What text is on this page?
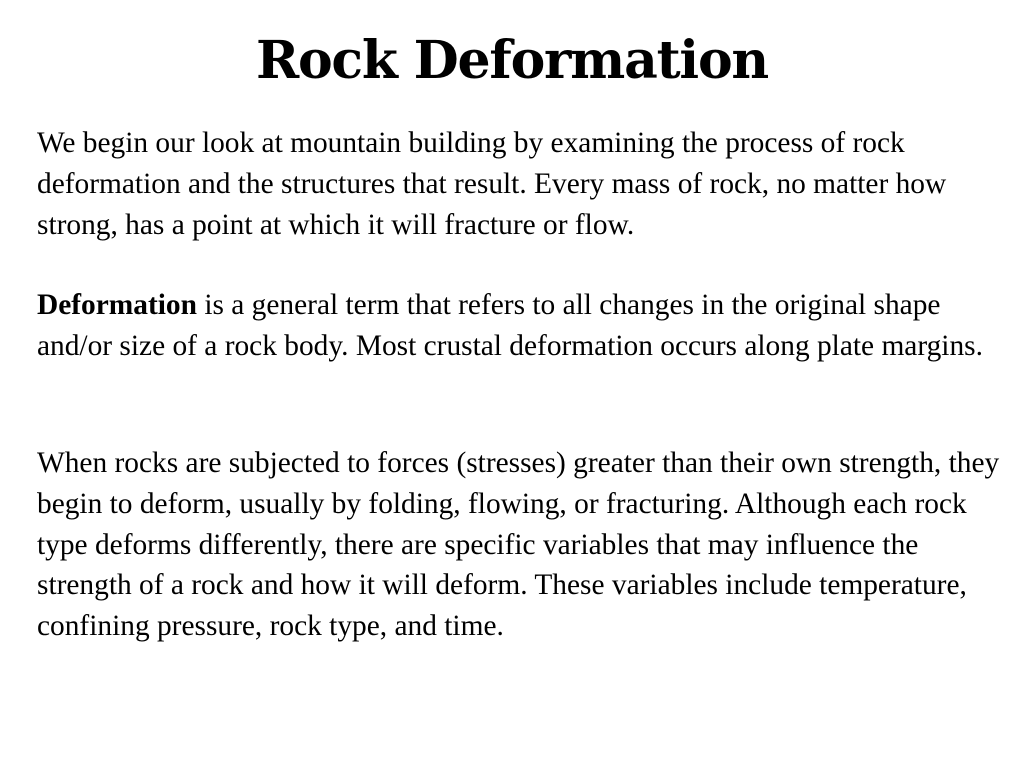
Rock Deformation

We begin our look at mountain building by examining the process of rock deformation and the structures that result. Every mass of rock, no matter how strong, has a point at which it will fracture or flow.

Deformation is a general term that refers to all changes in the original shape and/or size of a rock body. Most crustal deformation occurs along plate margins.

When rocks are subjected to forces (stresses) greater than their own strength, they begin to deform, usually by folding, flowing, or fracturing. Although each rock type deforms differently, there are specific variables that may influence the strength of a rock and how it will deform. These variables include temperature, confining pressure, rock type, and time.
